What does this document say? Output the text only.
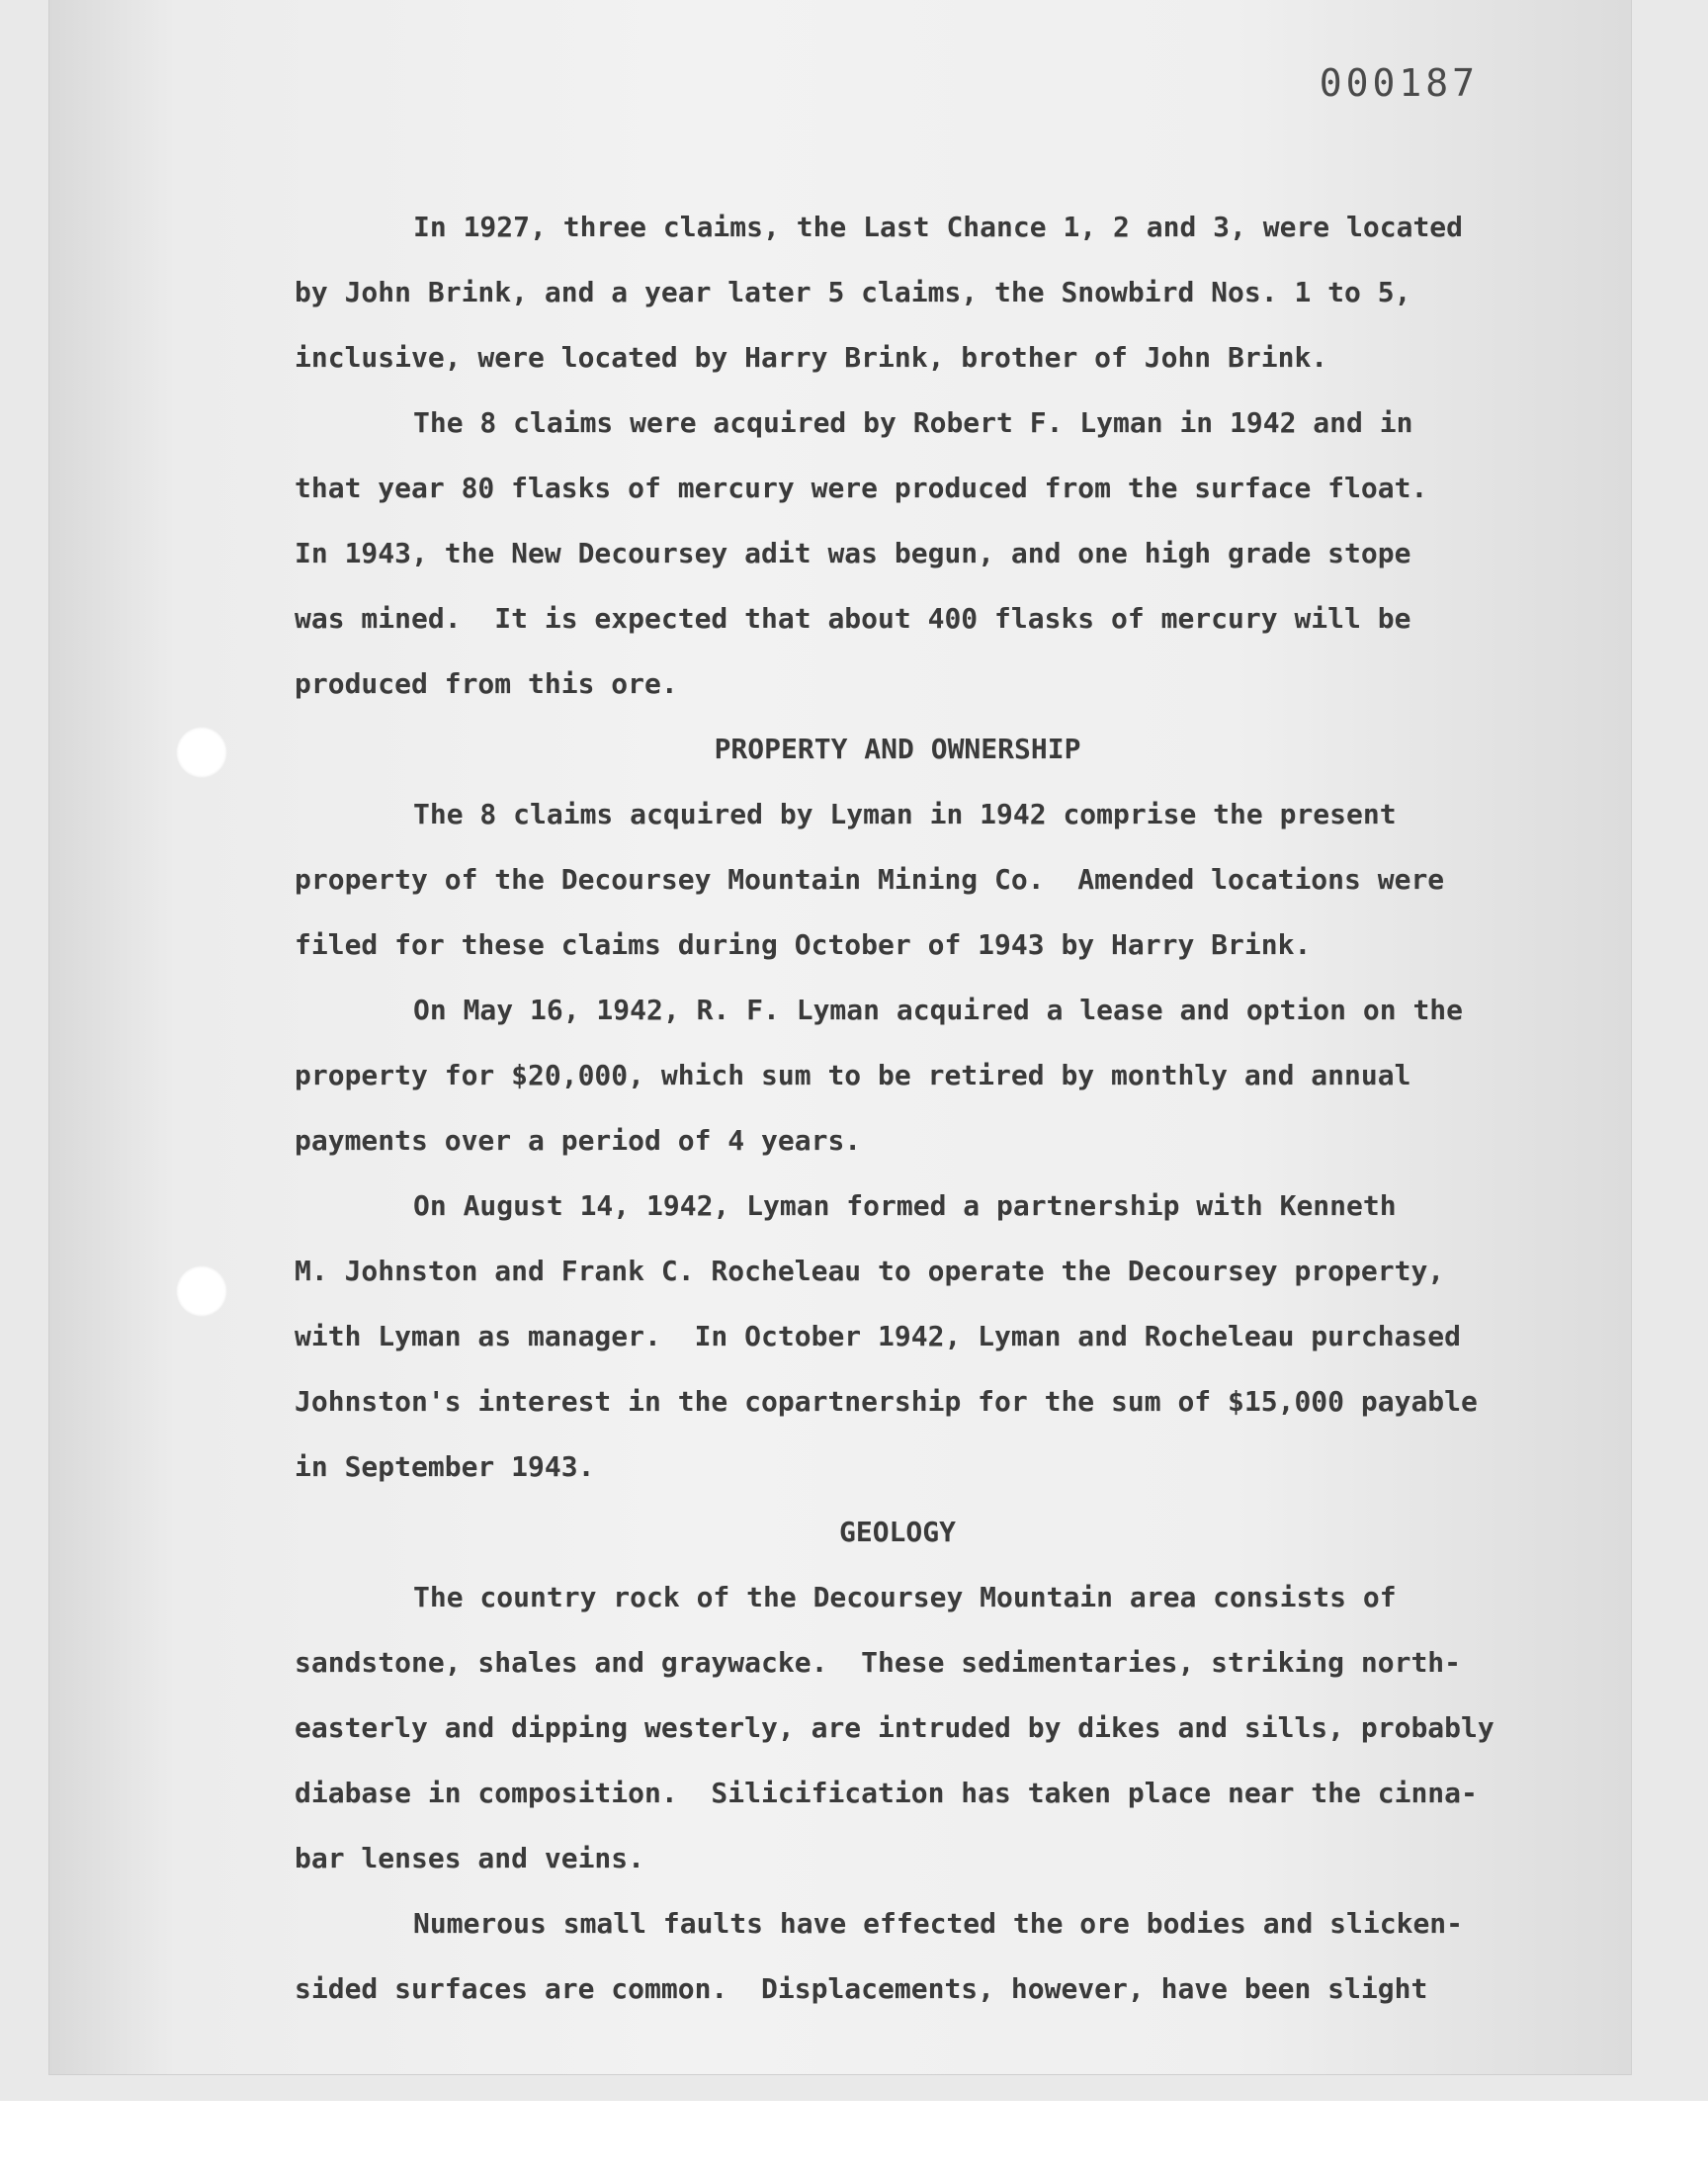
000187
In 1927, three claims, the Last Chance 1, 2 and 3, were located
by John Brink, and a year later 5 claims, the Snowbird Nos. 1 to 5,
inclusive, were located by Harry Brink, brother of John Brink.
The 8 claims were acquired by Robert F. Lyman in 1942 and in
that year 80 flasks of mercury were produced from the surface float.
In 1943, the New Decoursey adit was begun, and one high grade stope
was mined.  It is expected that about 400 flasks of mercury will be
produced from this ore.
PROPERTY AND OWNERSHIP
The 8 claims acquired by Lyman in 1942 comprise the present
property of the Decoursey Mountain Mining Co.  Amended locations were
filed for these claims during October of 1943 by Harry Brink.
On May 16, 1942, R. F. Lyman acquired a lease and option on the
property for $20,000, which sum to be retired by monthly and annual
payments over a period of 4 years.
On August 14, 1942, Lyman formed a partnership with Kenneth
M. Johnston and Frank C. Rocheleau to operate the Decoursey property,
with Lyman as manager.  In October 1942, Lyman and Rocheleau purchased
Johnston's interest in the copartnership for the sum of $15,000 payable
in September 1943.
GEOLOGY
The country rock of the Decoursey Mountain area consists of
sandstone, shales and graywacke.  These sedimentaries, striking north-
easterly and dipping westerly, are intruded by dikes and sills, probably
diabase in composition.  Silicification has taken place near the cinna-
bar lenses and veins.
Numerous small faults have effected the ore bodies and slicken-
sided surfaces are common.  Displacements, however, have been slight
